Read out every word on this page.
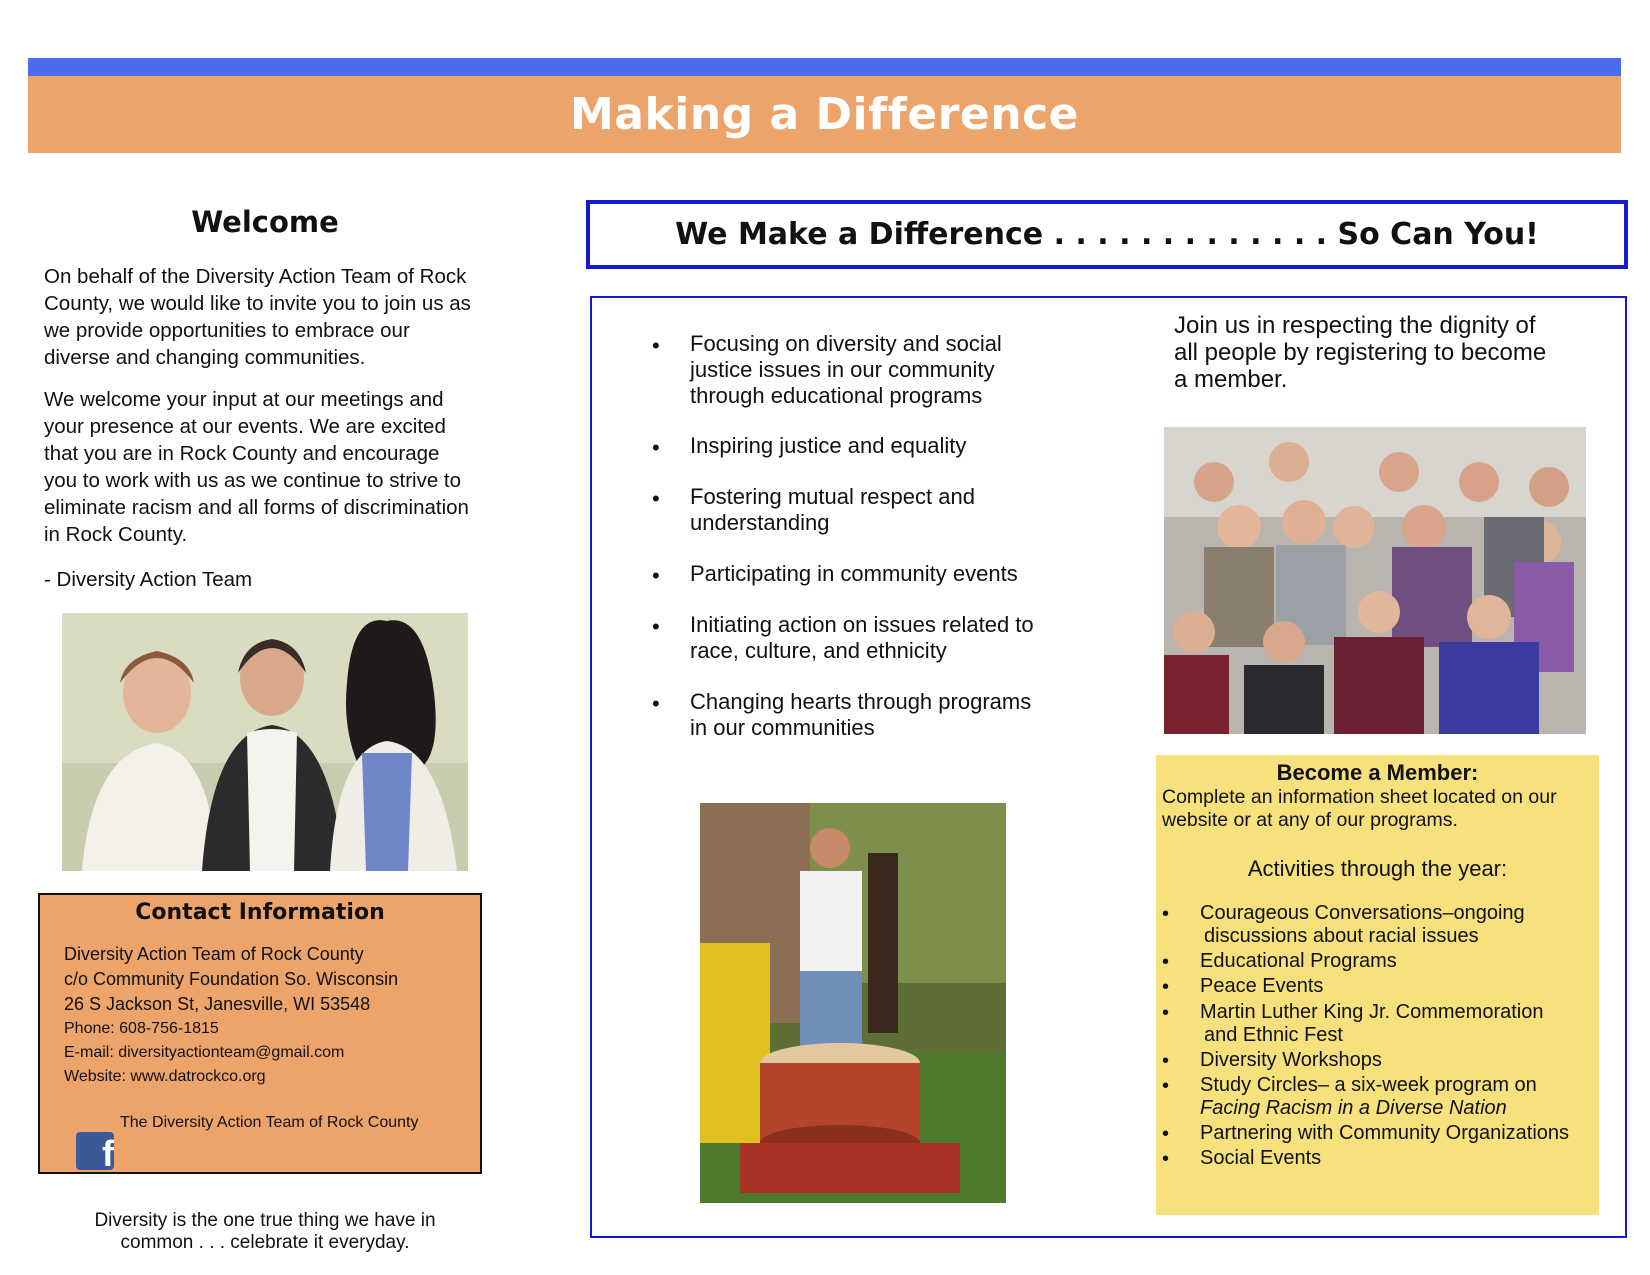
Making a Difference
Welcome
On behalf of the Diversity Action Team of Rock
County, we would like to invite you to join us as
we provide opportunities to embrace our
diverse and changing communities.
We welcome your input at our meetings and
your presence at our events. We are excited
that you are in Rock County and encourage
you to work with us as we continue to strive to
eliminate racism and all forms of discrimination
in Rock County.
- Diversity Action Team
Contact Information
Diversity Action Team of Rock County
c/o Community Foundation So. Wisconsin
26 S Jackson St, Janesville, WI 53548
Phone: 608-756-1815
E-mail: diversityactionteam@gmail.com
Website: www.datrockco.org
f
The Diversity Action Team of Rock County
Diversity is the one true thing we have in
common . . . celebrate it everyday.
We Make a Difference . . . . . . . . . . . . . So Can You!
• Focusing on diversity and social
justice issues in our community
through educational programs
• Inspiring justice and equality
• Fostering mutual respect and
understanding
• Participating in community events
• Initiating action on issues related to
race, culture, and ethnicity
• Changing hearts through programs
in our communities
Join us in respecting the dignity of
all people by registering to become
a member.
Become a Member:
Complete an information sheet located on our
website or at any of our programs.
Activities through the year:
• Courageous Conversations–ongoing
discussions about racial issues
• Educational Programs
• Peace Events
• Martin Luther King Jr. Commemoration
and Ethnic Fest
• Diversity Workshops
• Study Circles– a six-week program on
Facing Racism in a Diverse Nation
• Partnering with Community Organizations
• Social Events
